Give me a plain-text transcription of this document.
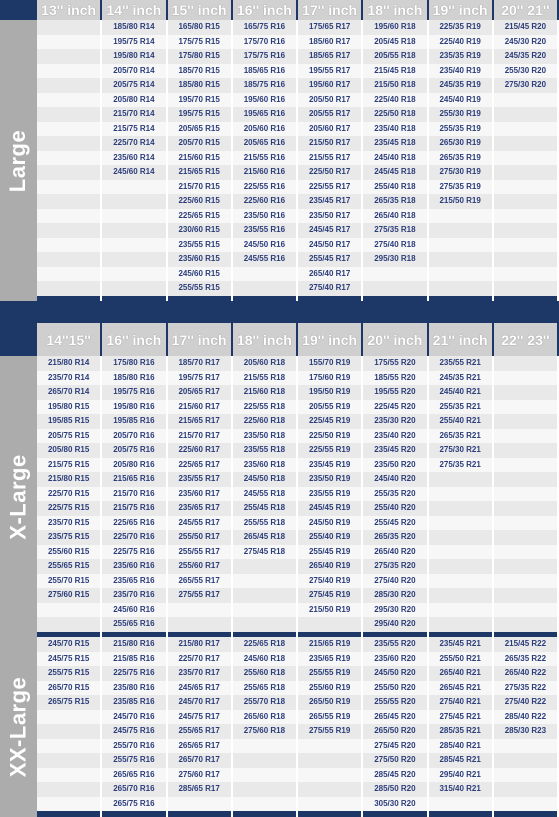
13'' inch 14'' inch 15'' inch 16'' inch 17'' inch 18'' inch 19'' inch 20'' 21''
Large
185/80 R14
195/75 R14
195/80 R14
205/70 R14
205/75 R14
205/80 R14
215/70 R14
215/75 R14
225/70 R14
235/60 R14
245/60 R14
165/80 R15
175/75 R15
175/80 R15
185/70 R15
185/80 R15
195/70 R15
195/75 R15
205/65 R15
205/70 R15
215/60 R15
215/65 R15
215/70 R15
225/60 R15
225/65 R15
230/60 R15
235/55 R15
235/60 R15
245/60 R15
255/55 R15
165/75 R16
175/70 R16
175/75 R16
185/65 R16
185/75 R16
195/60 R16
195/65 R16
205/60 R16
205/65 R16
215/55 R16
215/60 R16
225/55 R16
225/60 R16
235/50 R16
235/55 R16
245/50 R16
245/55 R16
175/65 R17
185/60 R17
185/65 R17
195/55 R17
195/60 R17
205/50 R17
205/55 R17
205/60 R17
215/50 R17
215/55 R17
225/50 R17
225/55 R17
235/45 R17
235/50 R17
245/45 R17
245/50 R17
255/45 R17
265/40 R17
275/40 R17
195/60 R18
205/45 R18
205/55 R18
215/45 R18
215/50 R18
225/40 R18
225/50 R18
235/40 R18
235/45 R18
245/40 R18
245/45 R18
255/40 R18
265/35 R18
265/40 R18
275/35 R18
275/40 R18
295/30 R18
225/35 R19
225/40 R19
235/35 R19
235/40 R19
245/35 R19
245/40 R19
255/30 R19
255/35 R19
265/30 R19
265/35 R19
275/30 R19
275/35 R19
215/50 R19
215/45 R20
245/30 R20
245/35 R20
255/30 R20
275/30 R20
14''15'' 16'' inch 17'' inch 18'' inch 19'' inch 20'' inch 21'' inch 22'' 23''
X-Large
215/80 R14
235/70 R14
265/70 R14
195/80 R15
195/85 R15
205/75 R15
205/80 R15
215/75 R15
215/80 R15
225/70 R15
225/75 R15
235/70 R15
235/75 R15
255/60 R15
255/65 R15
255/70 R15
275/60 R15
175/80 R16
185/80 R16
195/75 R16
195/80 R16
195/85 R16
205/70 R16
205/75 R16
205/80 R16
215/65 R16
215/70 R16
215/75 R16
225/65 R16
225/70 R16
225/75 R16
235/60 R16
235/65 R16
235/70 R16
245/60 R16
255/65 R16
185/70 R17
195/75 R17
205/65 R17
215/60 R17
215/65 R17
215/70 R17
225/60 R17
225/65 R17
235/55 R17
235/60 R17
235/65 R17
245/55 R17
255/50 R17
255/55 R17
255/60 R17
265/55 R17
275/55 R17
205/60 R18
215/55 R18
215/60 R18
225/55 R18
225/60 R18
235/50 R18
235/55 R18
235/60 R18
245/50 R18
245/55 R18
255/45 R18
255/55 R18
265/45 R18
275/45 R18
155/70 R19
175/60 R19
195/50 R19
205/55 R19
225/45 R19
225/50 R19
225/55 R19
235/45 R19
235/50 R19
235/55 R19
245/45 R19
245/50 R19
255/40 R19
255/45 R19
265/40 R19
275/40 R19
275/45 R19
215/50 R19
175/55 R20
185/55 R20
195/55 R20
225/45 R20
235/30 R20
235/40 R20
235/45 R20
235/50 R20
245/40 R20
255/35 R20
255/40 R20
255/45 R20
265/35 R20
265/40 R20
275/35 R20
275/40 R20
285/30 R20
295/30 R20
295/40 R20
235/55 R21
245/35 R21
245/40 R21
255/35 R21
255/40 R21
265/35 R21
275/30 R21
275/35 R21
XX-Large
245/70 R15
245/75 R15
255/75 R15
265/70 R15
265/75 R15
215/80 R16
215/85 R16
225/75 R16
235/80 R16
235/85 R16
245/70 R16
245/75 R16
255/70 R16
255/75 R16
265/65 R16
265/70 R16
265/75 R16
215/80 R17
225/70 R17
235/70 R17
245/65 R17
245/70 R17
245/75 R17
255/65 R17
265/65 R17
265/70 R17
275/60 R17
285/65 R17
225/65 R18
245/60 R18
255/60 R18
255/65 R18
255/70 R18
265/60 R18
275/60 R18
215/65 R19
235/65 R19
255/55 R19
255/60 R19
265/50 R19
265/55 R19
275/55 R19
235/55 R20
235/60 R20
245/50 R20
255/50 R20
255/55 R20
265/45 R20
265/50 R20
275/45 R20
275/50 R20
285/45 R20
285/50 R20
305/30 R20
235/45 R21
255/50 R21
265/40 R21
265/45 R21
275/40 R21
275/45 R21
285/35 R21
285/40 R21
285/45 R21
295/40 R21
315/40 R21
215/45 R22
265/35 R22
265/40 R22
275/35 R22
275/40 R22
285/40 R22
285/30 R23
